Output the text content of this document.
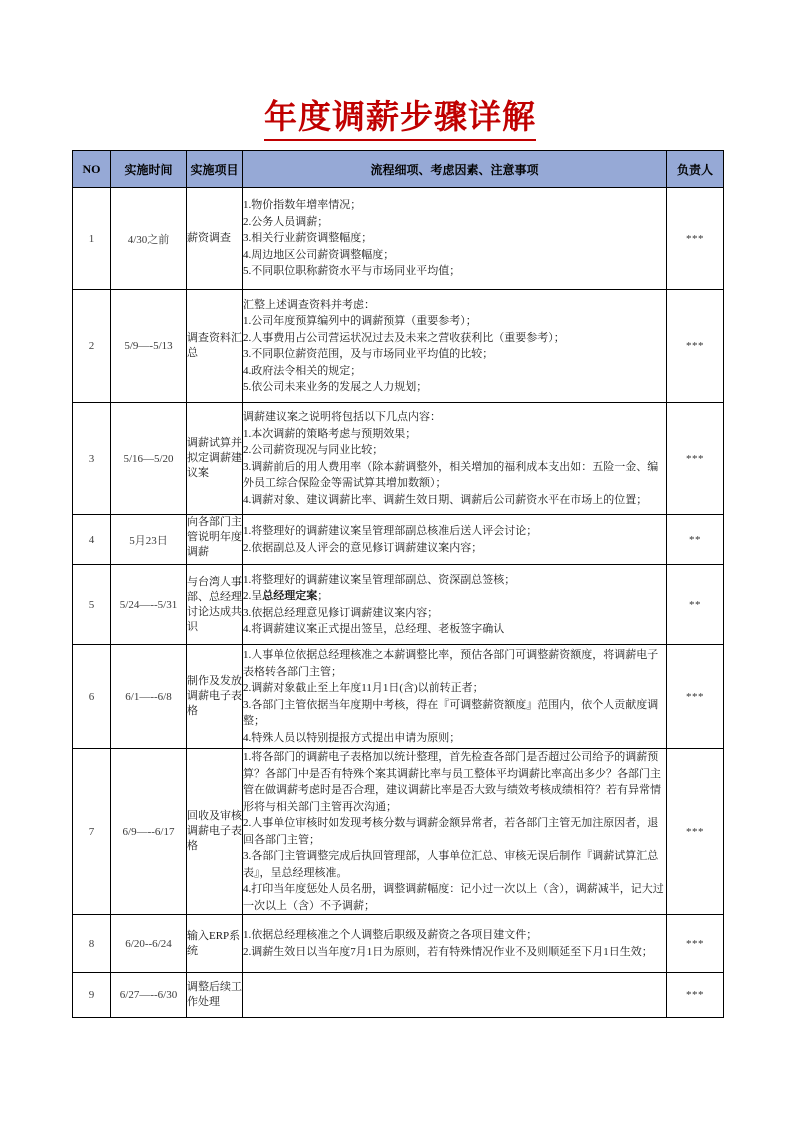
年度调薪步骤详解
NO	实施时间	实施项目	流程细项、考虑因素、注意事项	负责人
1	4/30之前	薪资调查	1.物价指数年增率情况；
2.公务人员调薪；
3.相关行业薪资调整幅度；
4.周边地区公司薪资调整幅度；
5.不同职位职称薪资水平与市场同业平均值；	***
2	5/9—-5/13	调查资料汇总	
汇整上述调查资料并考虑：
1.公司年度预算编列中的调薪预算（重要参考）；
2.人事费用占公司营运状况过去及未来之营收获利比（重要参考）；
3.不同职位薪资范围，及与市场同业平均值的比较；
4.政府法令相关的规定；
5.依公司未来业务的发展之人力规划；
	***
3	5/16—5/20	调薪试算并拟定调薪建议案	调薪建议案之说明将包括以下几点内容：
1.本次调薪的策略考虑与预期效果；
2.公司薪资现况与同业比较；
3.调薪前后的用人费用率（除本薪调整外，相关增加的福利成本支出如：五险一金、编外员工综合保险金等需试算其增加数额）；
4.调薪对象、建议调薪比率、调薪生效日期、调薪后公司薪资水平在市场上的位置；	***
4	5月23日	向各部门主管说明年度调薪	1.将整理好的调薪建议案呈管理部副总核准后送人评会讨论；
2.依据副总及人评会的意见修订调薪建议案内容；	**
5	5/24—--5/31	与台湾人事部、总经理讨论达成共识	1.将整理好的调薪建议案呈管理部副总、资深副总签核；
2.呈总经理定案；
3.依据总经理意见修订调薪建议案内容；
4.将调薪建议案正式提出签呈，总经理、老板签字确认	**
6	6/1—--6/8	制作及发放调薪电子表格	1.人事单位依据总经理核准之本薪调整比率，预估各部门可调整薪资额度，将调薪电子表格转各部门主管；
2.调薪对象截止至上年度11月1日(含)以前转正者；
3.各部门主管依据当年度期中考核，得在『可调整薪资额度』范围内，依个人贡献度调整；
4.特殊人员以特别提报方式提出申请为原则；	***
7	6/9—--6/17	回收及审核调薪电子表格	1.将各部门的调薪电子表格加以统计整理，首先检查各部门是否超过公司给予的调薪预算？各部门中是否有特殊个案其调薪比率与员工整体平均调薪比率高出多少？各部门主管在做调薪考虑时是否合理，建议调薪比率是否大致与绩效考核成绩相符？若有异常情形将与相关部门主管再次沟通；
2.人事单位审核时如发现考核分数与调薪金额异常者，若各部门主管无加注原因者，退回各部门主管；
3.各部门主管调整完成后执回管理部，人事单位汇总、审核无误后制作『调薪试算汇总表』，呈总经理核准。
4.打印当年度惩处人员名册，调整调薪幅度：记小过一次以上（含），调薪减半，记大过一次以上（含）不予调薪；	***
8	6/20--6/24	输入ERP系统	1.依据总经理核准之个人调整后职级及薪资之各项目建文件；
2.调薪生效日以当年度7月1日为原则，若有特殊情况作业不及则顺延至下月1日生效；	***
9	6/27—--6/30	调整后续工作处理		***
